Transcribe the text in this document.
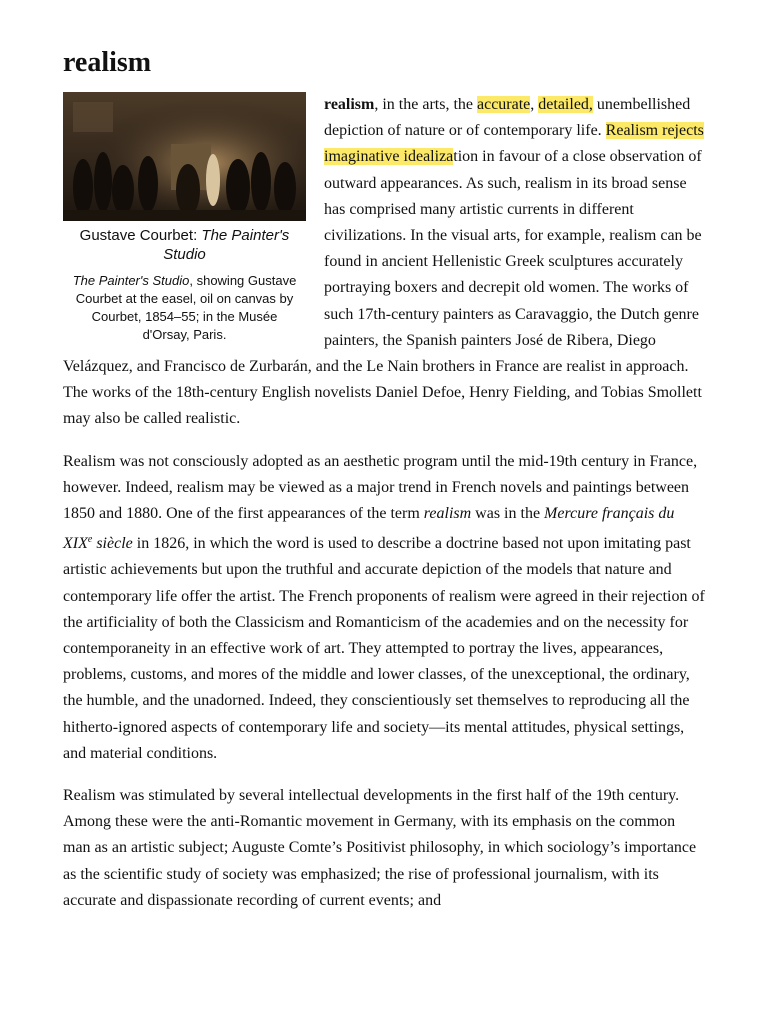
realism
Gustave Courbet: The Painter's Studio
The Painter's Studio, showing Gustave Courbet at the easel, oil on canvas by Courbet, 1854–55; in the Musée d'Orsay, Paris.

realism, in the arts, the accurate, detailed, unembellished depiction of nature or of contemporary life. Realism rejects imaginative idealization in favour of a close observation of outward appearances. As such, realism in its broad sense has comprised many artistic currents in different civilizations. In the visual arts, for example, realism can be found in ancient Hellenistic Greek sculptures accurately portraying boxers and decrepit old women. The works of such 17th-century painters as Caravaggio, the Dutch genre painters, the Spanish painters José de Ribera, Diego Velázquez, and Francisco de Zurbarán, and the Le Nain brothers in France are realist in approach. The works of the 18th-century English novelists Daniel Defoe, Henry Fielding, and Tobias Smollett may also be called realistic.

Realism was not consciously adopted as an aesthetic program until the mid-19th century in France, however. Indeed, realism may be viewed as a major trend in French novels and paintings between 1850 and 1880. One of the first appearances of the term realism was in the Mercure français du XIXe siècle in 1826, in which the word is used to describe a doctrine based not upon imitating past artistic achievements but upon the truthful and accurate depiction of the models that nature and contemporary life offer the artist. The French proponents of realism were agreed in their rejection of the artificiality of both the Classicism and Romanticism of the academies and on the necessity for contemporaneity in an effective work of art. They attempted to portray the lives, appearances, problems, customs, and mores of the middle and lower classes, of the unexceptional, the ordinary, the humble, and the unadorned. Indeed, they conscientiously set themselves to reproducing all the hitherto-ignored aspects of contemporary life and society—its mental attitudes, physical settings, and material conditions.

Realism was stimulated by several intellectual developments in the first half of the 19th century. Among these were the anti-Romantic movement in Germany, with its emphasis on the common man as an artistic subject; Auguste Comte’s Positivist philosophy, in which sociology’s importance as the scientific study of society was emphasized; the rise of professional journalism, with its accurate and dispassionate recording of current events; and
